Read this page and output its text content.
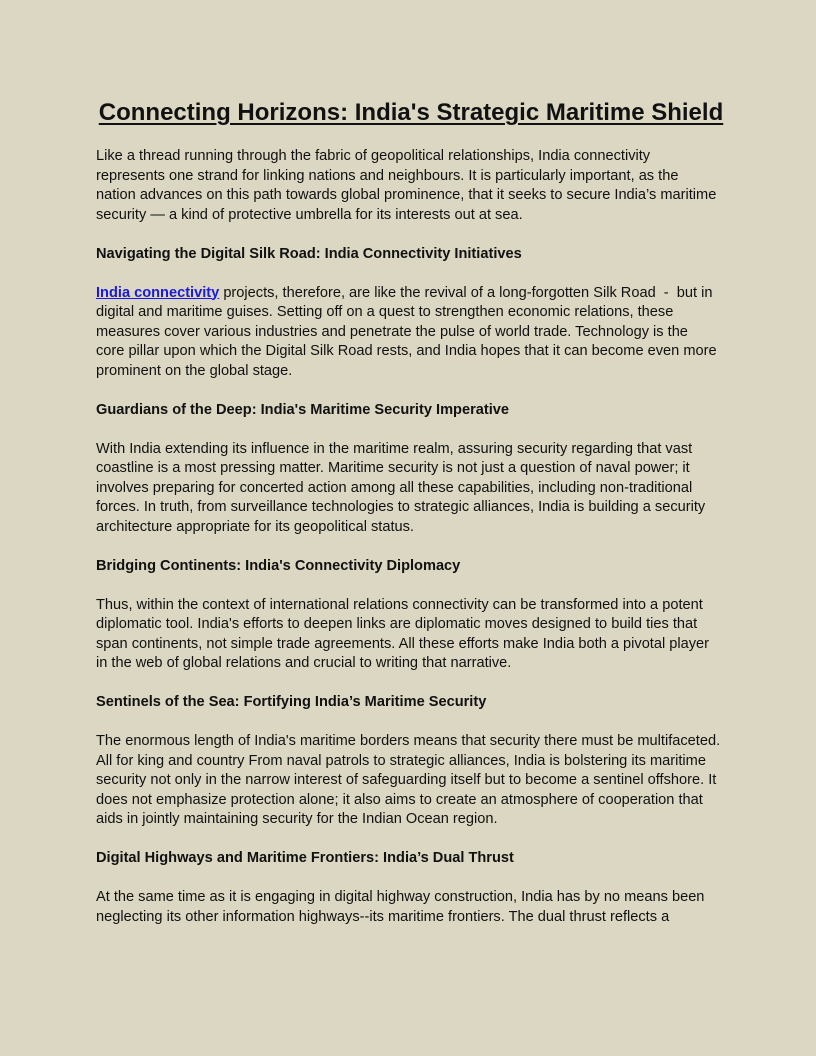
Connecting Horizons: India's Strategic Maritime Shield

Like a thread running through the fabric of geopolitical relationships, India connectivity
represents one strand for linking nations and neighbours. It is particularly important, as the
nation advances on this path towards global prominence, that it seeks to secure India’s maritime
security — a kind of protective umbrella for its interests out at sea.

Navigating the Digital Silk Road: India Connectivity Initiatives

India connectivity projects, therefore, are like the revival of a long-forgotten Silk Road  -  but in
digital and maritime guises. Setting off on a quest to strengthen economic relations, these
measures cover various industries and penetrate the pulse of world trade. Technology is the
core pillar upon which the Digital Silk Road rests, and India hopes that it can become even more
prominent on the global stage.

Guardians of the Deep: India's Maritime Security Imperative

With India extending its influence in the maritime realm, assuring security regarding that vast
coastline is a most pressing matter. Maritime security is not just a question of naval power; it
involves preparing for concerted action among all these capabilities, including non-traditional
forces. In truth, from surveillance technologies to strategic alliances, India is building a security
architecture appropriate for its geopolitical status.

Bridging Continents: India's Connectivity Diplomacy

Thus, within the context of international relations connectivity can be transformed into a potent
diplomatic tool. India's efforts to deepen links are diplomatic moves designed to build ties that
span continents, not simple trade agreements. All these efforts make India both a pivotal player
in the web of global relations and crucial to writing that narrative.

Sentinels of the Sea: Fortifying India’s Maritime Security

The enormous length of India's maritime borders means that security there must be multifaceted.
All for king and country From naval patrols to strategic alliances, India is bolstering its maritime
security not only in the narrow interest of safeguarding itself but to become a sentinel offshore. It
does not emphasize protection alone; it also aims to create an atmosphere of cooperation that
aids in jointly maintaining security for the Indian Ocean region.

Digital Highways and Maritime Frontiers: India’s Dual Thrust

At the same time as it is engaging in digital highway construction, India has by no means been
neglecting its other information highways--its maritime frontiers. The dual thrust reflects a
